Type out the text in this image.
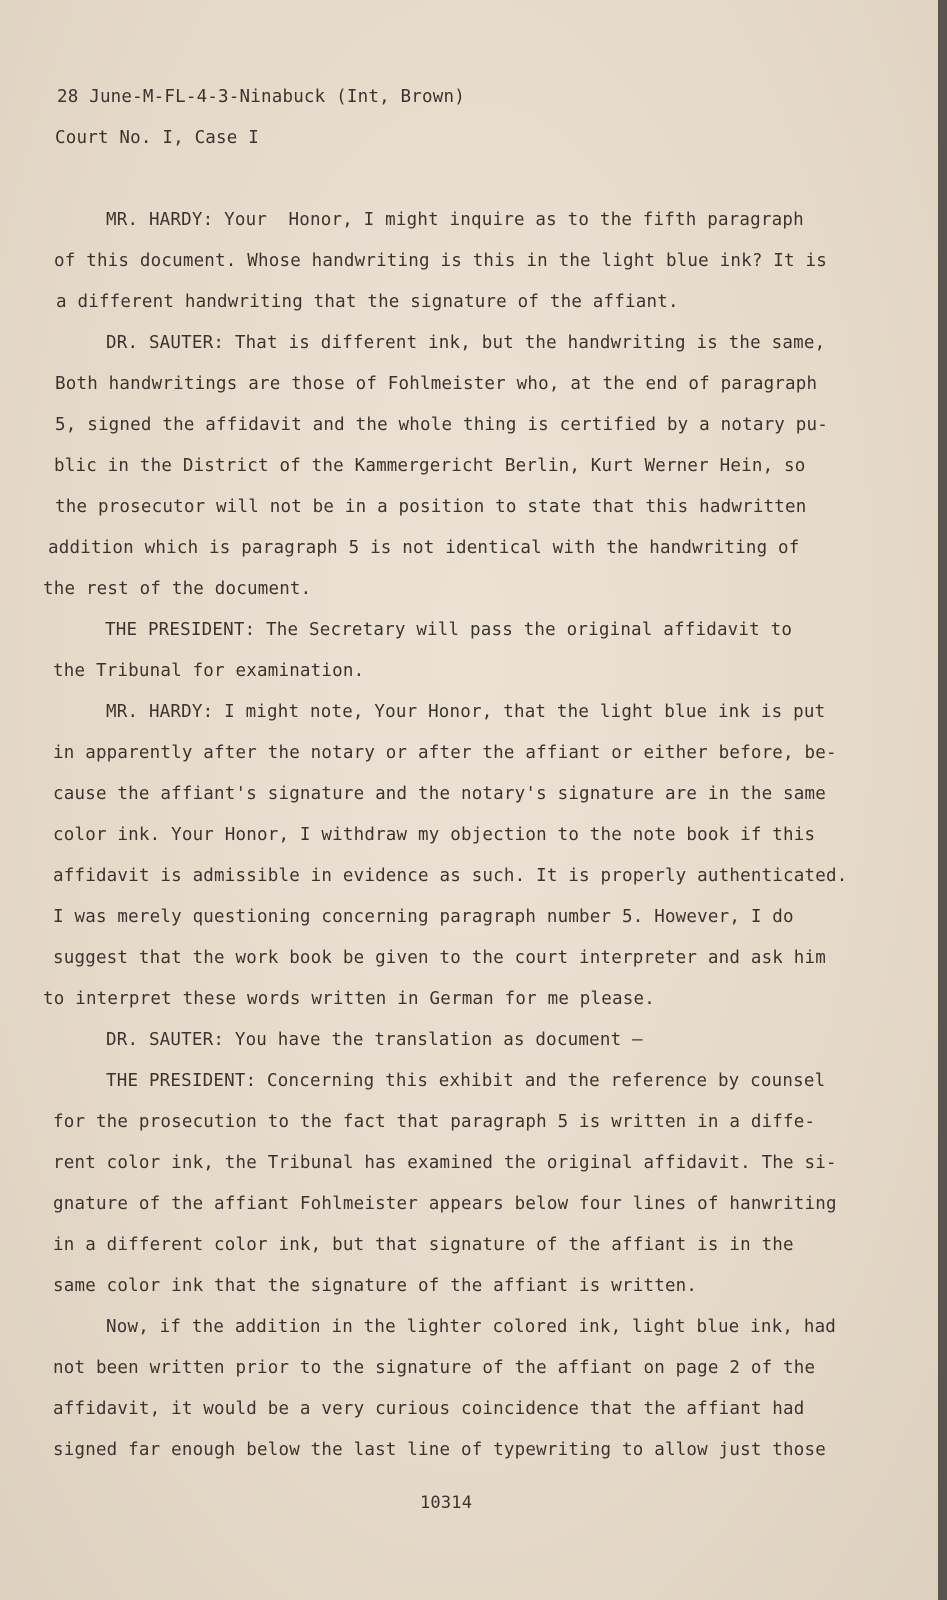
28 June-M-FL-4-3-Ninabuck (Int, Brown)
Court No. I, Case I
MR. HARDY: Your  Honor, I might inquire as to the fifth paragraph
of this document. Whose handwriting is this in the light blue ink? It is
a different handwriting that the signature of the affiant.
DR. SAUTER: That is different ink, but the handwriting is the same,
Both handwritings are those of Fohlmeister who, at the end of paragraph
5, signed the affidavit and the whole thing is certified by a notary pu-
blic in the District of the Kammergericht Berlin, Kurt Werner Hein, so
the prosecutor will not be in a position to state that this hadwritten
addition which is paragraph 5 is not identical with the handwriting of
the rest of the document.
THE PRESIDENT: The Secretary will pass the original affidavit to
the Tribunal for examination.
MR. HARDY: I might note, Your Honor, that the light blue ink is put
in apparently after the notary or after the affiant or either before, be-
cause the affiant's signature and the notary's signature are in the same
color ink. Your Honor, I withdraw my objection to the note book if this
affidavit is admissible in evidence as such. It is properly authenticated.
I was merely questioning concerning paragraph number 5. However, I do
suggest that the work book be given to the court interpreter and ask him
to interpret these words written in German for me please.
DR. SAUTER: You have the translation as document —
THE PRESIDENT: Concerning this exhibit and the reference by counsel
for the prosecution to the fact that paragraph 5 is written in a diffe-
rent color ink, the Tribunal has examined the original affidavit. The si-
gnature of the affiant Fohlmeister appears below four lines of hanwriting
in a different color ink, but that signature of the affiant is in the
same color ink that the signature of the affiant is written.
Now, if the addition in the lighter colored ink, light blue ink, had
not been written prior to the signature of the affiant on page 2 of the
affidavit, it would be a very curious coincidence that the affiant had
signed far enough below the last line of typewriting to allow just those
10314
